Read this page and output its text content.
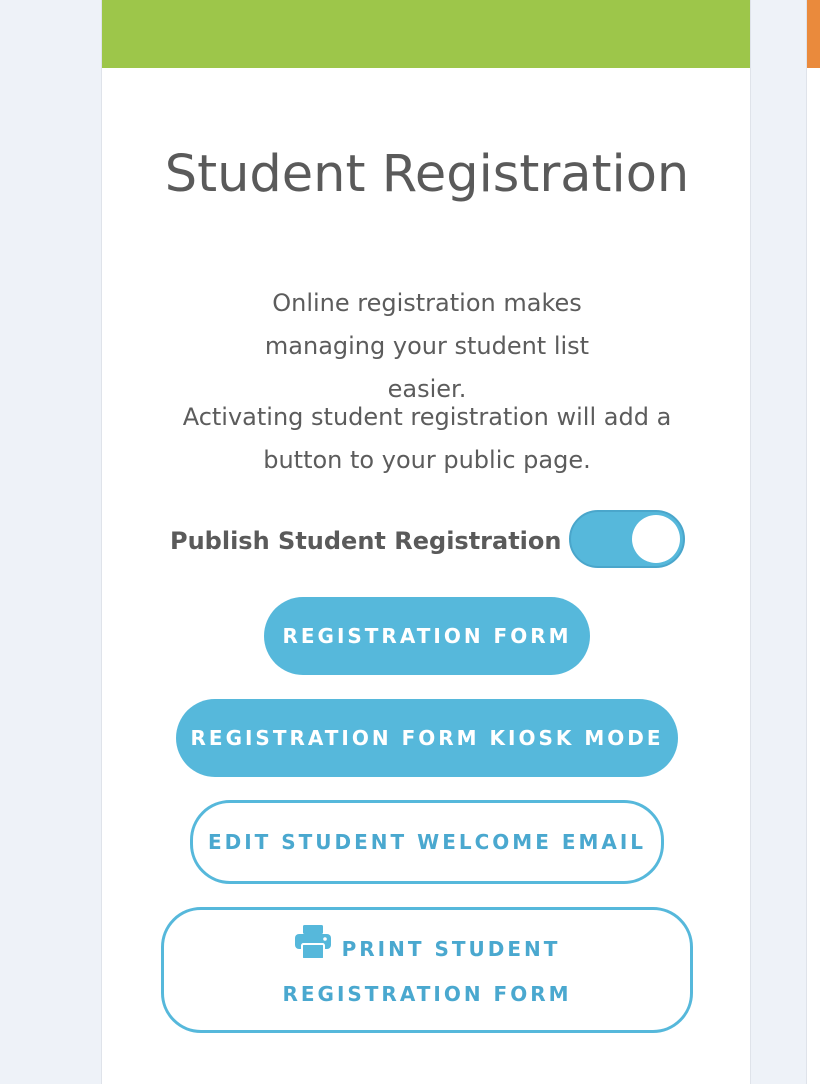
Student Registration
Online registration makes managing your student list easier.
Activating student registration will add a button to your public page.
Publish Student Registration
REGISTRATION FORM
REGISTRATION FORM KIOSK MODE
EDIT STUDENT WELCOME EMAIL
PRINT STUDENT REGISTRATION FORM
